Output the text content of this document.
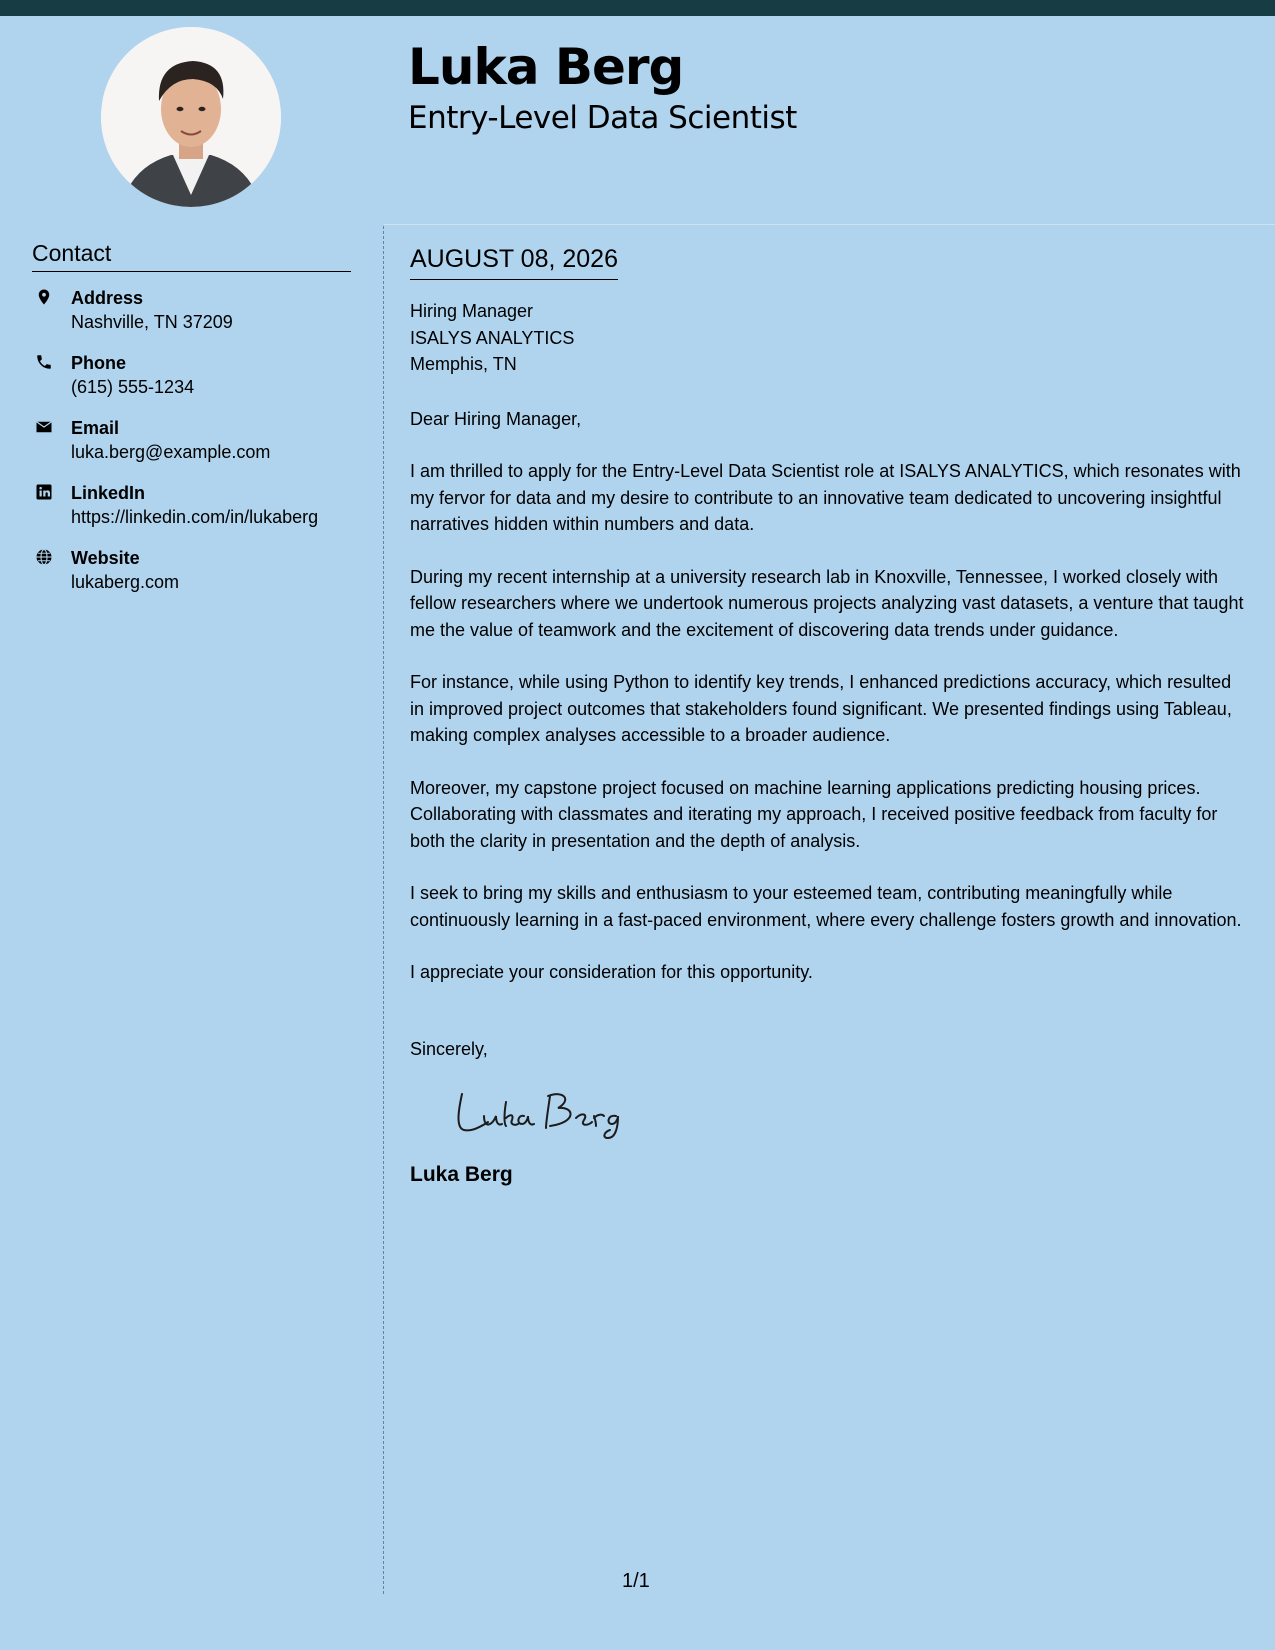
Luka Berg
Entry-Level Data Scientist
Contact
Address
Nashville, TN 37209
Phone
(615) 555-1234
Email
luka.berg@example.com
LinkedIn
https://linkedin.com/in/lukaberg
Website
lukaberg.com
AUGUST 08, 2026
Hiring Manager
ISALYS ANALYTICS
Memphis, TN
Dear Hiring Manager,

I am thrilled to apply for the Entry-Level Data Scientist role at ISALYS ANALYTICS, which resonates with my fervor for data and my desire to contribute to an innovative team dedicated to uncovering insightful narratives hidden within numbers and data.

During my recent internship at a university research lab in Knoxville, Tennessee, I worked closely with fellow researchers where we undertook numerous projects analyzing vast datasets, a venture that taught me the value of teamwork and the excitement of discovering data trends under guidance.

For instance, while using Python to identify key trends, I enhanced predictions accuracy, which resulted in improved project outcomes that stakeholders found significant. We presented findings using Tableau, making complex analyses accessible to a broader audience.

Moreover, my capstone project focused on machine learning applications predicting housing prices. Collaborating with classmates and iterating my approach, I received positive feedback from faculty for both the clarity in presentation and the depth of analysis.

I seek to bring my skills and enthusiasm to your esteemed team, contributing meaningfully while continuously learning in a fast-paced environment, where every challenge fosters growth and innovation.

I appreciate your consideration for this opportunity.

Sincerely,
Luka Berg
1/1
